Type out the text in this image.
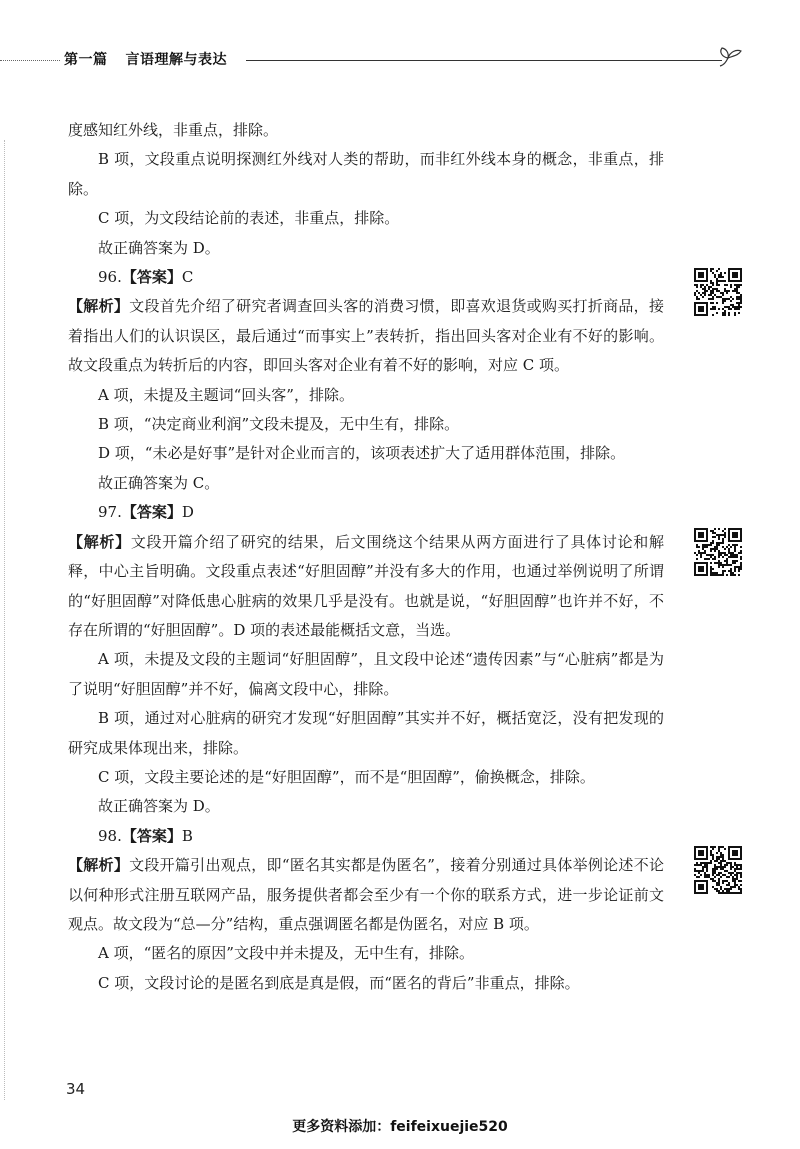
第一篇 言语理解与表达

度感知红外线，非重点，排除。

B 项，文段重点说明探测红外线对人类的帮助，而非红外线本身的概念，非重点，排除。

C 项，为文段结论前的表述，非重点，排除。

故正确答案为 D。

96.【答案】C

【解析】文段首先介绍了研究者调查回头客的消费习惯，即喜欢退货或购买打折商品，接着指出人们的认识误区，最后通过“而事实上”表转折，指出回头客对企业有不好的影响。故文段重点为转折后的内容，即回头客对企业有着不好的影响，对应 C 项。

A 项，未提及主题词“回头客”，排除。

B 项，“决定商业利润”文段未提及，无中生有，排除。

D 项，“未必是好事”是针对企业而言的，该项表述扩大了适用群体范围，排除。

故正确答案为 C。

97.【答案】D

【解析】文段开篇介绍了研究的结果，后文围绕这个结果从两方面进行了具体讨论和解释，中心主旨明确。文段重点表述“好胆固醇”并没有多大的作用，也通过举例说明了所谓的“好胆固醇”对降低患心脏病的效果几乎是没有。也就是说，“好胆固醇”也许并不好，不存在所谓的“好胆固醇”。D 项的表述最能概括文意，当选。

A 项，未提及文段的主题词“好胆固醇”，且文段中论述“遗传因素”与“心脏病”都是为了说明“好胆固醇”并不好，偏离文段中心，排除。

B 项，通过对心脏病的研究才发现“好胆固醇”其实并不好，概括宽泛，没有把发现的研究成果体现出来，排除。

C 项，文段主要论述的是“好胆固醇”，而不是“胆固醇”，偷换概念，排除。

故正确答案为 D。

98.【答案】B

【解析】文段开篇引出观点，即“匿名其实都是伪匿名”，接着分别通过具体举例论述不论以何种形式注册互联网产品，服务提供者都会至少有一个你的联系方式，进一步论证前文观点。故文段为“总—分”结构，重点强调匿名都是伪匿名，对应 B 项。

A 项，“匿名的原因”文段中并未提及，无中生有，排除。

C 项，文段讨论的是匿名到底是真是假，而“匿名的背后”非重点，排除。

34
更多资料添加：feifeixuejie520
